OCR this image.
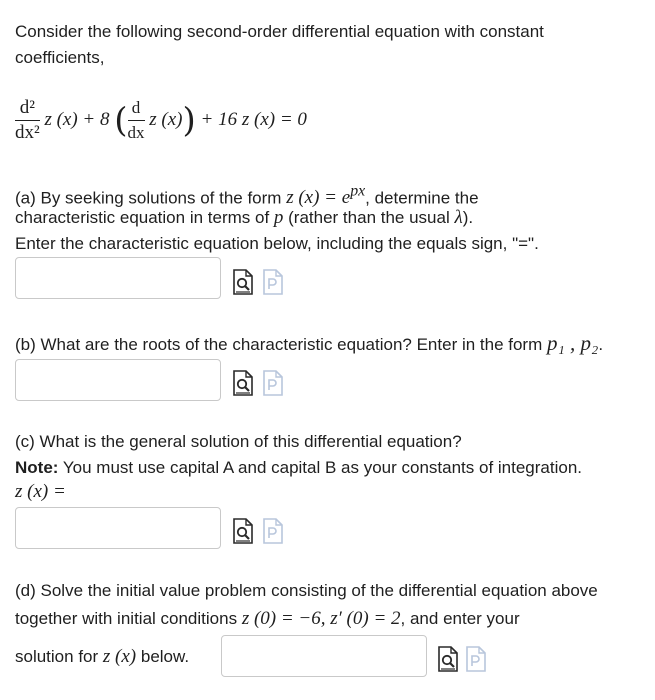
Consider the following second-order differential equation with constant
coefficients,
$\frac{\text{d²}}{\text{dx²}}$ z (x) + 8 ( $\frac{d}{dx}$ z (x)) + 16 z (x) = 0
(a) By seeking solutions of the form z $(x) = e^{px}$, determine the
characteristic equation in terms of p (rather than the usual λ).
Enter the characteristic equation below, including the equals sign, "=".
(b) What are the roots of the characteristic equation? Enter in the form p₁ , p₂.
(c) What is the general solution of this differential equation?
Note: You must use capital A and capital B as your constants of integration.
z (x) =
(d) Solve the initial value problem consisting of the differential equation above
together with initial conditions z (0) = −6, z′ (0) = 2, and enter your
solution for z (x) below.
